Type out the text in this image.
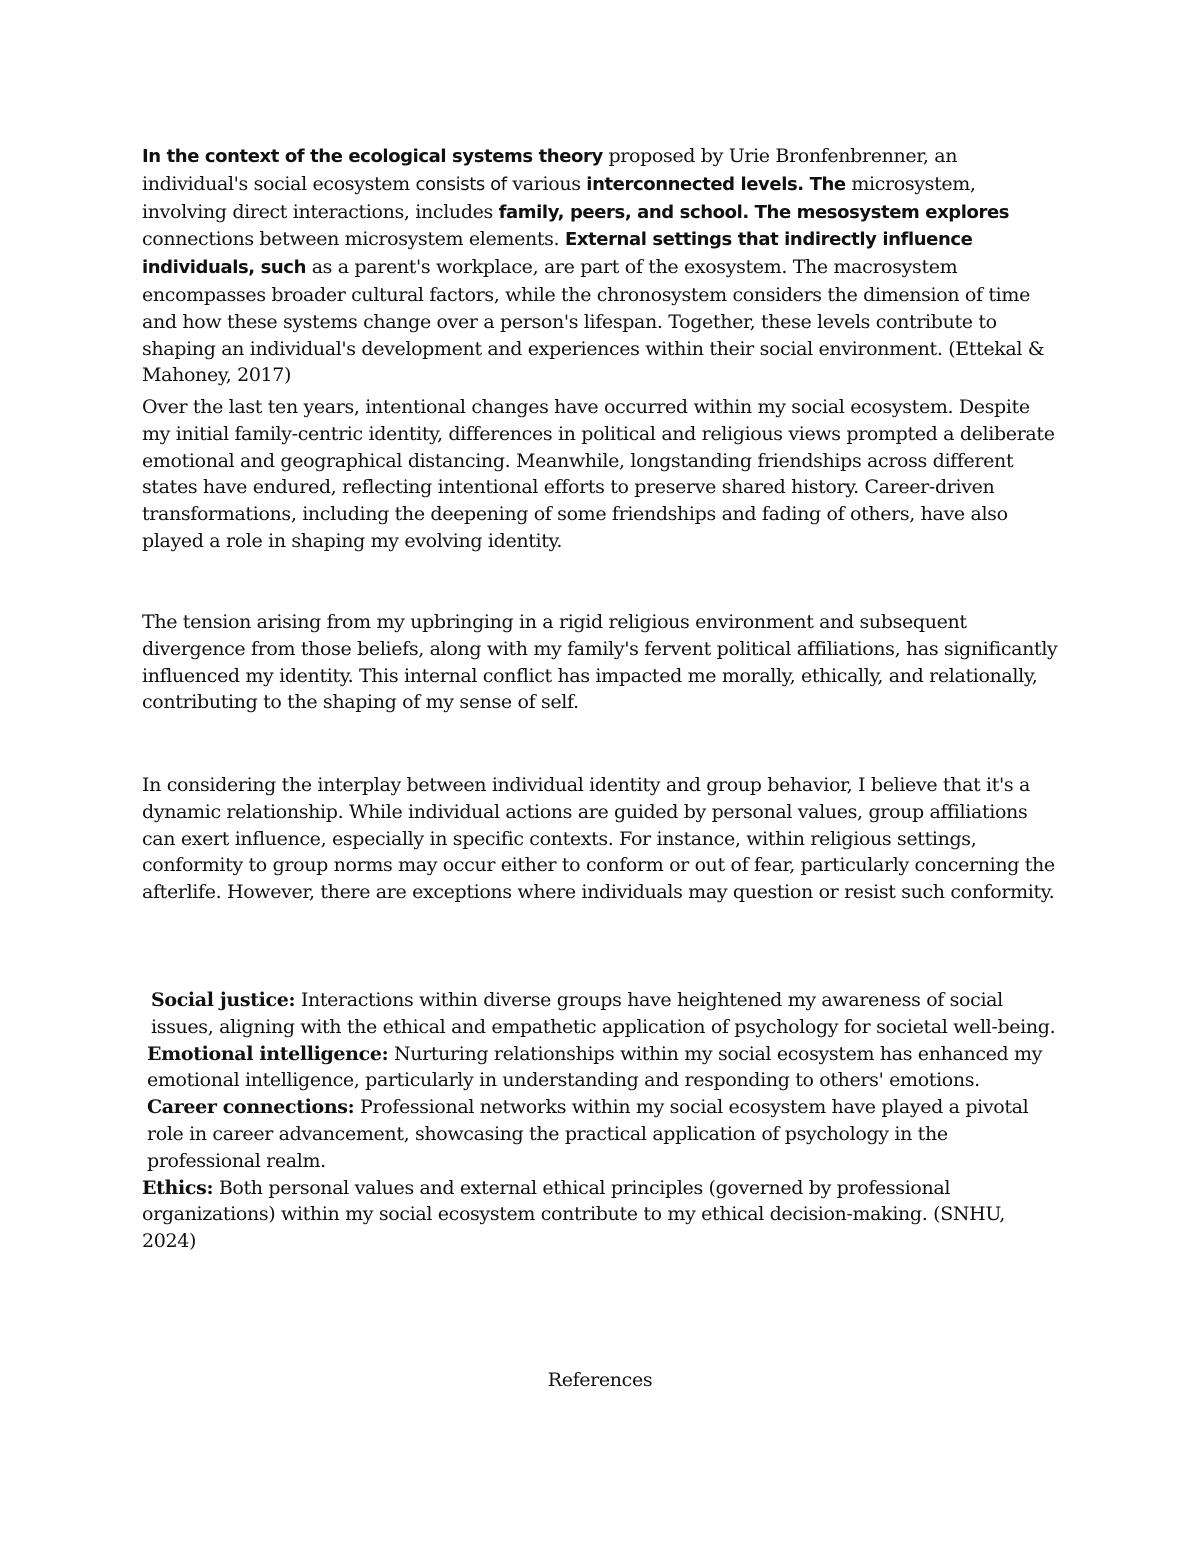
In the context of the ecological systems theory proposed by Urie Bronfenbrenner, an individual's social ecosystem consists of various interconnected levels. The microsystem, involving direct interactions, includes family, peers, and school. The mesosystem explores connections between microsystem elements. External settings that indirectly influence individuals, such as a parent's workplace, are part of the exosystem. The macrosystem encompasses broader cultural factors, while the chronosystem considers the dimension of time and how these systems change over a person's lifespan. Together, these levels contribute to shaping an individual's development and experiences within their social environment. (Ettekal & Mahoney, 2017)
Over the last ten years, intentional changes have occurred within my social ecosystem. Despite my initial family-centric identity, differences in political and religious views prompted a deliberate emotional and geographical distancing. Meanwhile, longstanding friendships across different states have endured, reflecting intentional efforts to preserve shared history. Career-driven transformations, including the deepening of some friendships and fading of others, have also played a role in shaping my evolving identity.
The tension arising from my upbringing in a rigid religious environment and subsequent divergence from those beliefs, along with my family's fervent political affiliations, has significantly influenced my identity. This internal conflict has impacted me morally, ethically, and relationally, contributing to the shaping of my sense of self.
In considering the interplay between individual identity and group behavior, I believe that it's a dynamic relationship. While individual actions are guided by personal values, group affiliations can exert influence, especially in specific contexts. For instance, within religious settings, conformity to group norms may occur either to conform or out of fear, particularly concerning the afterlife. However, there are exceptions where individuals may question or resist such conformity.
Social justice: Interactions within diverse groups have heightened my awareness of social issues, aligning with the ethical and empathetic application of psychology for societal well-being.
Emotional intelligence: Nurturing relationships within my social ecosystem has enhanced my emotional intelligence, particularly in understanding and responding to others' emotions.
Career connections: Professional networks within my social ecosystem have played a pivotal role in career advancement, showcasing the practical application of psychology in the professional realm.
Ethics: Both personal values and external ethical principles (governed by professional organizations) within my social ecosystem contribute to my ethical decision-making. (SNHU, 2024)
References
